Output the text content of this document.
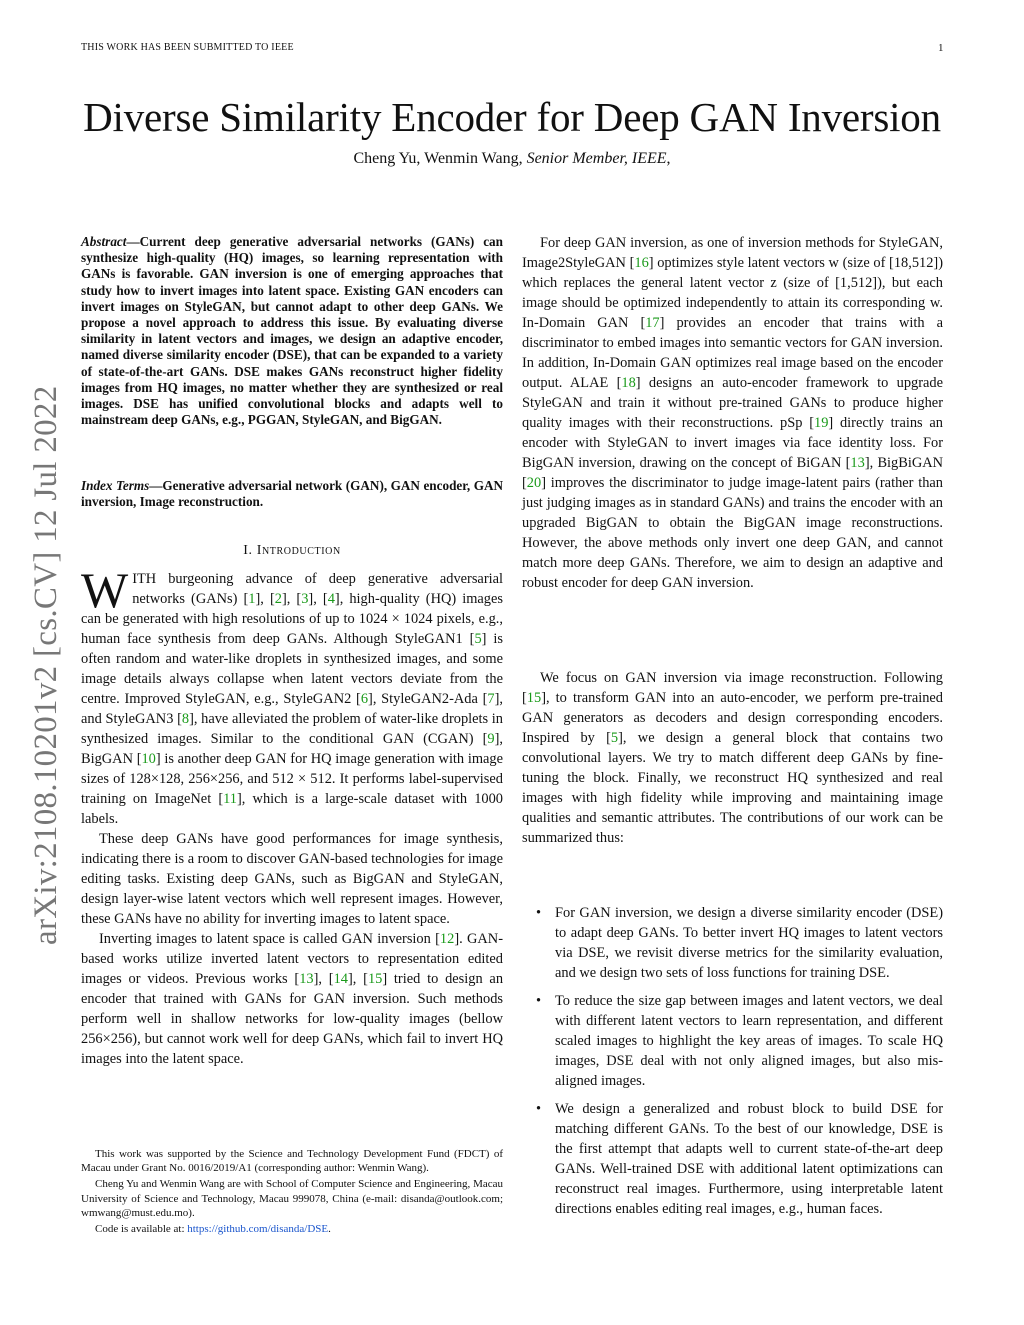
THIS WORK HAS BEEN SUBMITTED TO IEEE	1
Diverse Similarity Encoder for Deep GAN Inversion
Cheng Yu, Wenmin Wang, Senior Member, IEEE,
arXiv:2108.10201v2 [cs.CV] 12 Jul 2022
Abstract—Current deep generative adversarial networks (GANs) can synthesize high-quality (HQ) images, so learning representation with GANs is favorable. GAN inversion is one of emerging approaches that study how to invert images into latent space. Existing GAN encoders can invert images on StyleGAN, but cannot adapt to other deep GANs. We propose a novel approach to address this issue. By evaluating diverse similarity in latent vectors and images, we design an adaptive encoder, named diverse similarity encoder (DSE), that can be expanded to a variety of state-of-the-art GANs. DSE makes GANs reconstruct higher fidelity images from HQ images, no matter whether they are synthesized or real images. DSE has unified convolutional blocks and adapts well to mainstream deep GANs, e.g., PGGAN, StyleGAN, and BigGAN.
Index Terms—Generative adversarial network (GAN), GAN encoder, GAN inversion, Image reconstruction.
I. Introduction

WITH burgeoning advance of deep generative adversarial networks (GANs) [1], [2], [3], [4], high-quality (HQ) images can be generated with high resolutions of up to 1024 × 1024 pixels, e.g., human face synthesis from deep GANs. Although StyleGAN1 [5] is often random and water-like droplets in synthesized images, and some image details always collapse when latent vectors deviate from the centre. Improved StyleGAN, e.g., StyleGAN2 [6], StyleGAN2-Ada [7], and StyleGAN3 [8], have alleviated the problem of water-like droplets in synthesized images. Similar to the conditional GAN (CGAN) [9], BigGAN [10] is another deep GAN for HQ image generation with image sizes of 128×128, 256×256, and 512 × 512. It performs label-supervised training on ImageNet [11], which is a large-scale dataset with 1000 labels.

These deep GANs have good performances for image synthesis, indicating there is a room to discover GAN-based technologies for image editing tasks. Existing deep GANs, such as BigGAN and StyleGAN, design layer-wise latent vectors which well represent images. However, these GANs have no ability for inverting images to latent space.

Inverting images to latent space is called GAN inversion [12]. GAN-based works utilize inverted latent vectors to representation edited images or videos. Previous works [13], [14], [15] tried to design an encoder that trained with GANs for GAN inversion. Such methods perform well in shallow networks for low-quality images (bellow 256×256), but cannot work well for deep GANs, which fail to invert HQ images into the latent space.

This work was supported by the Science and Technology Development Fund (FDCT) of Macau under Grant No. 0016/2019/A1 (corresponding author: Wenmin Wang).

Cheng Yu and Wenmin Wang are with School of Computer Science and Engineering, Macau University of Science and Technology, Macau 999078, China (e-mail: disanda@outlook.com; wmwang@must.edu.mo).

Code is available at: https://github.com/disanda/DSE.

For deep GAN inversion, as one of inversion methods for StyleGAN, Image2StyleGAN [16] optimizes style latent vectors w (size of [18,512]) which replaces the general latent vector z (size of [1,512]), but each image should be optimized independently to attain its corresponding w. In-Domain GAN [17] provides an encoder that trains with a discriminator to embed images into semantic vectors for GAN inversion. In addition, In-Domain GAN optimizes real image based on the encoder output. ALAE [18] designs an auto-encoder framework to upgrade StyleGAN and train it without pre-trained GANs to produce higher quality images with their reconstructions. pSp [19] directly trains an encoder with StyleGAN to invert images via face identity loss. For BigGAN inversion, drawing on the concept of BiGAN [13], BigBiGAN [20] improves the discriminator to judge image-latent pairs (rather than just judging images as in standard GANs) and trains the encoder with an upgraded BigGAN to obtain the BigGAN image reconstructions. However, the above methods only invert one deep GAN, and cannot match more deep GANs. Therefore, we aim to design an adaptive and robust encoder for deep GAN inversion.

We focus on GAN inversion via image reconstruction. Following [15], to transform GAN into an auto-encoder, we perform pre-trained GAN generators as decoders and design corresponding encoders. Inspired by [5], we design a general block that contains two convolutional layers. We try to match different deep GANs by fine-tuning the block. Finally, we reconstruct HQ synthesized and real images with high fidelity while improving and maintaining image qualities and semantic attributes. The contributions of our work can be summarized thus:

• For GAN inversion, we design a diverse similarity encoder (DSE) to adapt deep GANs. To better invert HQ images to latent vectors via DSE, we revisit diverse metrics for the similarity evaluation, and we design two sets of loss functions for training DSE.
• To reduce the size gap between images and latent vectors, we deal with different latent vectors to learn representation, and different scaled images to highlight the key areas of images. To scale HQ images, DSE deal with not only aligned images, but also mis-aligned images.
• We design a generalized and robust block to build DSE for matching different GANs. To the best of our knowledge, DSE is the first attempt that adapts well to current state-of-the-art deep GANs. Well-trained DSE with additional latent optimizations can reconstruct real images. Furthermore, using interpretable latent directions enables editing real images, e.g., human faces.
